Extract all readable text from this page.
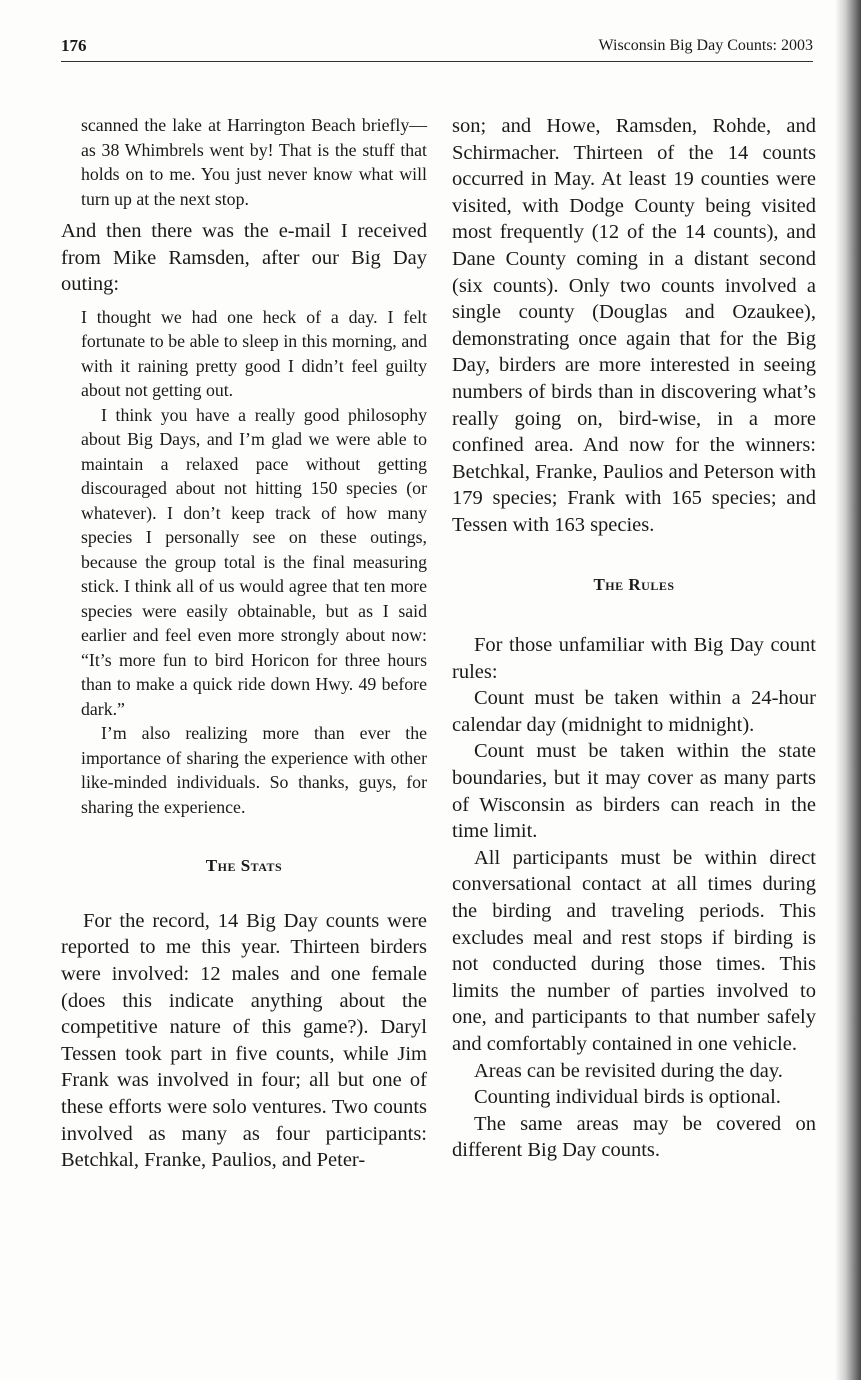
176	Wisconsin Big Day Counts: 2003

scanned the lake at Harrington Beach briefly—as 38 Whimbrels went by! That is the stuff that holds on to me. You just never know what will turn up at the next stop.

And then there was the e-mail I received from Mike Ramsden, after our Big Day outing:

I thought we had one heck of a day. I felt fortunate to be able to sleep in this morning, and with it raining pretty good I didn’t feel guilty about not getting out.

I think you have a really good philosophy about Big Days, and I’m glad we were able to maintain a relaxed pace without getting discouraged about not hitting 150 species (or whatever). I don’t keep track of how many species I personally see on these outings, because the group total is the final measuring stick. I think all of us would agree that ten more species were easily obtainable, but as I said earlier and feel even more strongly about now: “It’s more fun to bird Horicon for three hours than to make a quick ride down Hwy. 49 before dark.”

I’m also realizing more than ever the importance of sharing the experience with other like-minded individuals. So thanks, guys, for sharing the experience.

The Stats

For the record, 14 Big Day counts were reported to me this year. Thirteen birders were involved: 12 males and one female (does this indicate anything about the competitive nature of this game?). Daryl Tessen took part in five counts, while Jim Frank was involved in four; all but one of these efforts were solo ventures. Two counts involved as many as four participants: Betchkal, Franke, Paulios, and Peter-

son; and Howe, Ramsden, Rohde, and Schirmacher. Thirteen of the 14 counts occurred in May. At least 19 counties were visited, with Dodge County being visited most frequently (12 of the 14 counts), and Dane County coming in a distant second (six counts). Only two counts involved a single county (Douglas and Ozaukee), demonstrating once again that for the Big Day, birders are more interested in seeing numbers of birds than in discovering what’s really going on, bird-wise, in a more confined area. And now for the winners: Betchkal, Franke, Paulios and Peterson with 179 species; Frank with 165 species; and Tessen with 163 species.

The Rules

For those unfamiliar with Big Day count rules:

Count must be taken within a 24-hour calendar day (midnight to midnight).

Count must be taken within the state boundaries, but it may cover as many parts of Wisconsin as birders can reach in the time limit.

All participants must be within direct conversational contact at all times during the birding and traveling periods. This excludes meal and rest stops if birding is not conducted during those times. This limits the number of parties involved to one, and participants to that number safely and comfortably contained in one vehicle.

Areas can be revisited during the day.

Counting individual birds is optional.

The same areas may be covered on different Big Day counts.
